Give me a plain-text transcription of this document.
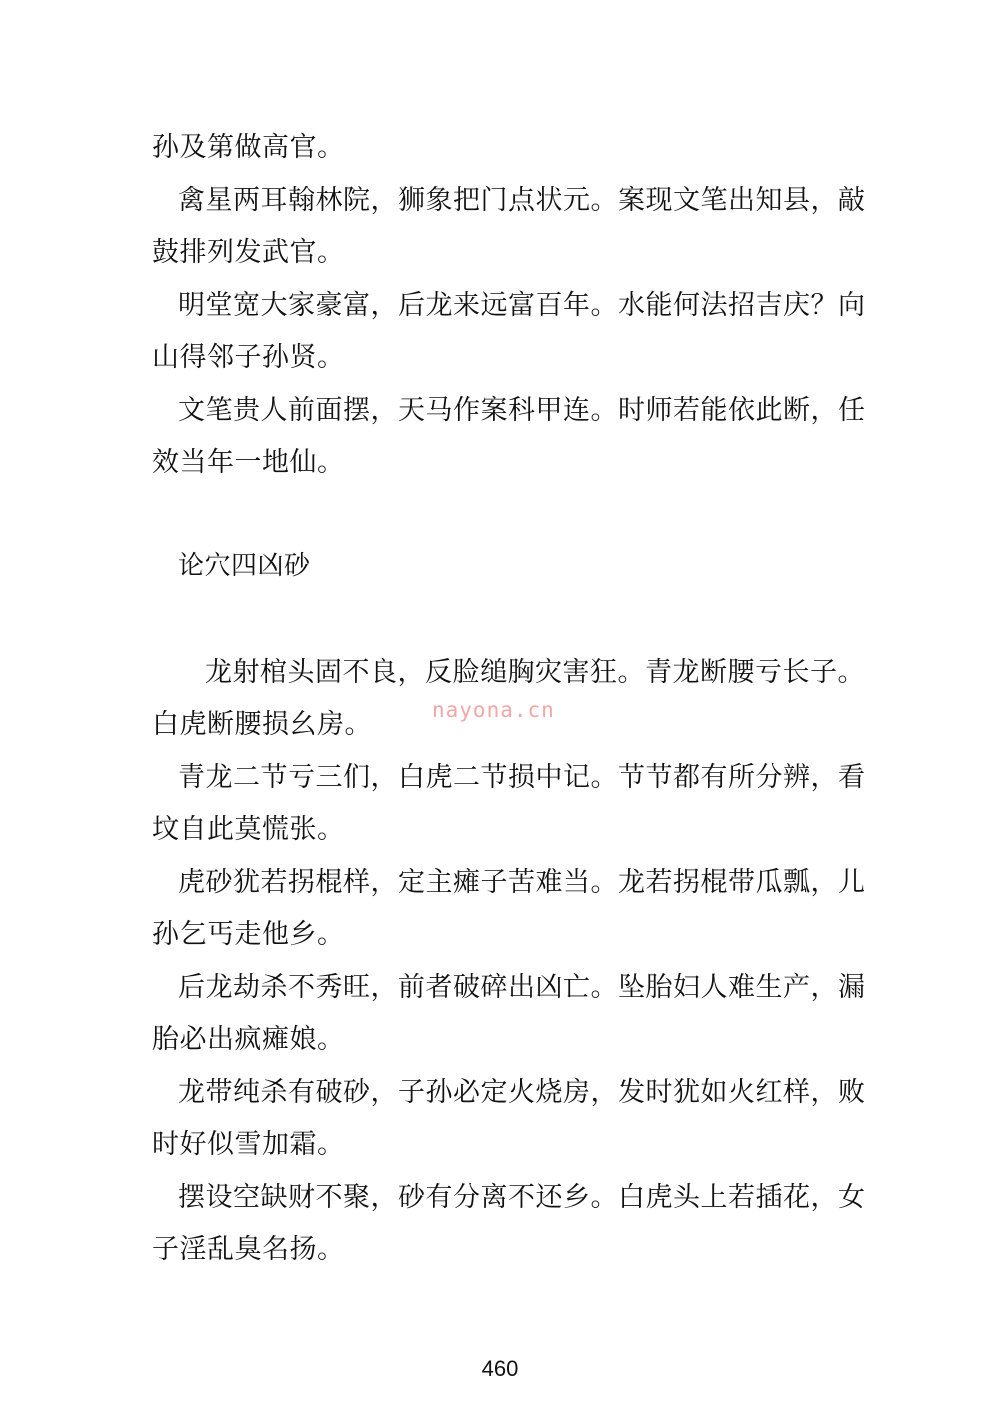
孙及第做高官。

禽星两耳翰林院，狮象把门点状元。案现文笔出知县，敲

鼓排列发武官。

明堂宽大家豪富，后龙来远富百年。水能何法招吉庆？向

山得邻子孙贤。

文笔贵人前面摆，天马作案科甲连。时师若能依此断，任

效当年一地仙。

论穴四凶砂

龙射棺头固不良，反脸缒胸灾害狂。青龙断腰亏长子。

白虎断腰损幺房。

青龙二节亏三们，白虎二节损中记。节节都有所分辨，看

坟自此莫慌张。

虎砂犹若拐棍样，定主瘫子苦难当。龙若拐棍带瓜瓢，儿

孙乞丐走他乡。

后龙劫杀不秀旺，前者破碎出凶亡。坠胎妇人难生产，漏

胎必出疯瘫娘。

龙带纯杀有破砂，子孙必定火烧房，发时犹如火红样，败

时好似雪加霜。

摆设空缺财不聚，砂有分离不还乡。白虎头上若插花，女

子淫乱臭名扬。

nayona.cn
460
